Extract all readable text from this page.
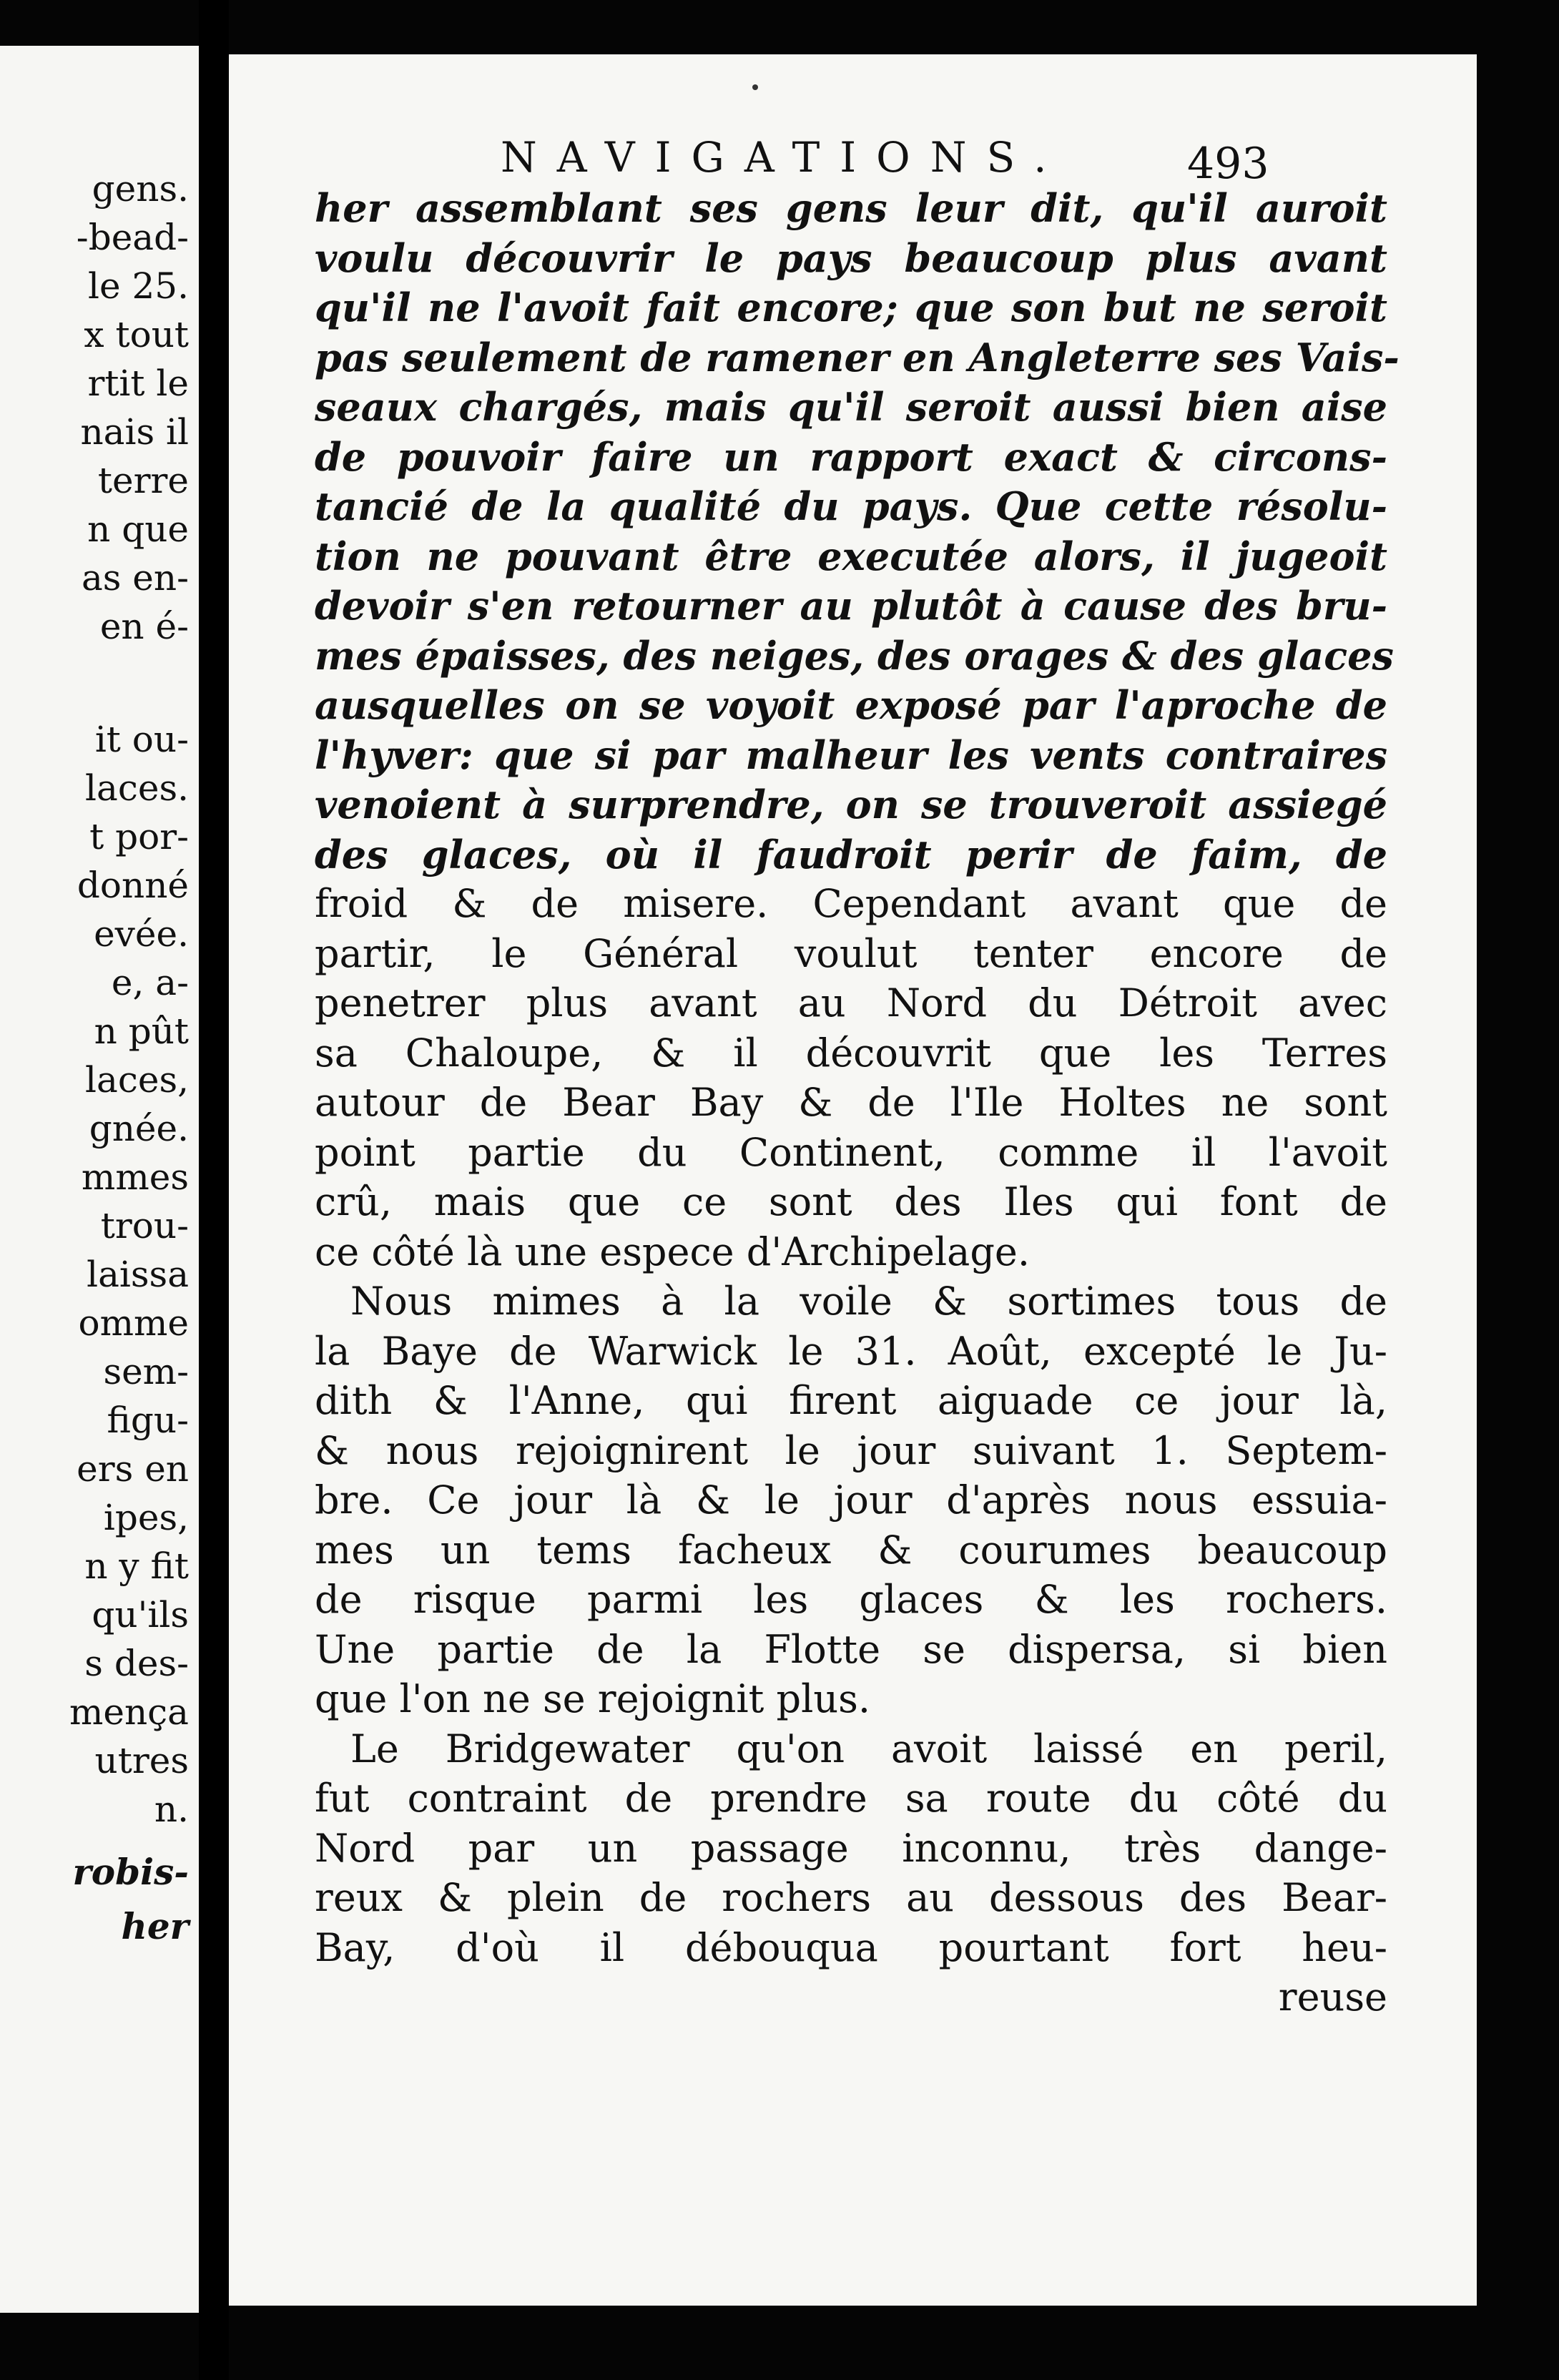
gens.
-bead-
le 25.
x tout
rtit le
nais il
terre
n que
as en-
en é-
it ou-
laces.
t por-
donné
evée.
e, a-
n pût
laces,
gnée.
mmes
trou-
laissa
omme
sem-
figu-
ers en
ipes,
n y fit
qu'ils
s des-
mença
utres
n.
robis-
her
NAVIGATIONS.	493
her assemblant ses gens leur dit, qu'il auroit
voulu découvrir le pays beaucoup plus avant
qu'il ne l'avoit fait encore; que son but ne seroit
pas seulement de ramener en Angleterre ses Vais-
seaux chargés, mais qu'il seroit aussi bien aise
de pouvoir faire un rapport exact & circons-
tancié de la qualité du pays. Que cette résolu-
tion ne pouvant être executée alors, il jugeoit
devoir s'en retourner au plutôt à cause des bru-
mes épaisses, des neiges, des orages & des glaces
ausquelles on se voyoit exposé par l'aproche de
l'hyver: que si par malheur les vents contraires
venoient à surprendre, on se trouveroit assiegé
des glaces, où il faudroit perir de faim, de
froid & de misere. Cependant avant que de
partir, le Général voulut tenter encore de
penetrer plus avant au Nord du Détroit avec
sa Chaloupe, & il découvrit que les Terres
autour de Bear Bay & de l'Ile Holtes ne sont
point partie du Continent, comme il l'avoit
crû, mais que ce sont des Iles qui font de
ce côté là une espece d'Archipelage.
Nous mimes à la voile & sortimes tous de
la Baye de Warwick le 31. Août, excepté le Ju-
dith & l'Anne, qui firent aiguade ce jour là,
& nous rejoignirent le jour suivant 1. Septem-
bre. Ce jour là & le jour d'après nous essuia-
mes un tems facheux & courumes beaucoup
de risque parmi les glaces & les rochers.
Une partie de la Flotte se dispersa, si bien
que l'on ne se rejoignit plus.
Le Bridgewater qu'on avoit laissé en peril,
fut contraint de prendre sa route du côté du
Nord par un passage inconnu, très dange-
reux & plein de rochers au dessous des Bear-
Bay, d'où il débouqua pourtant fort heu-
reuse
